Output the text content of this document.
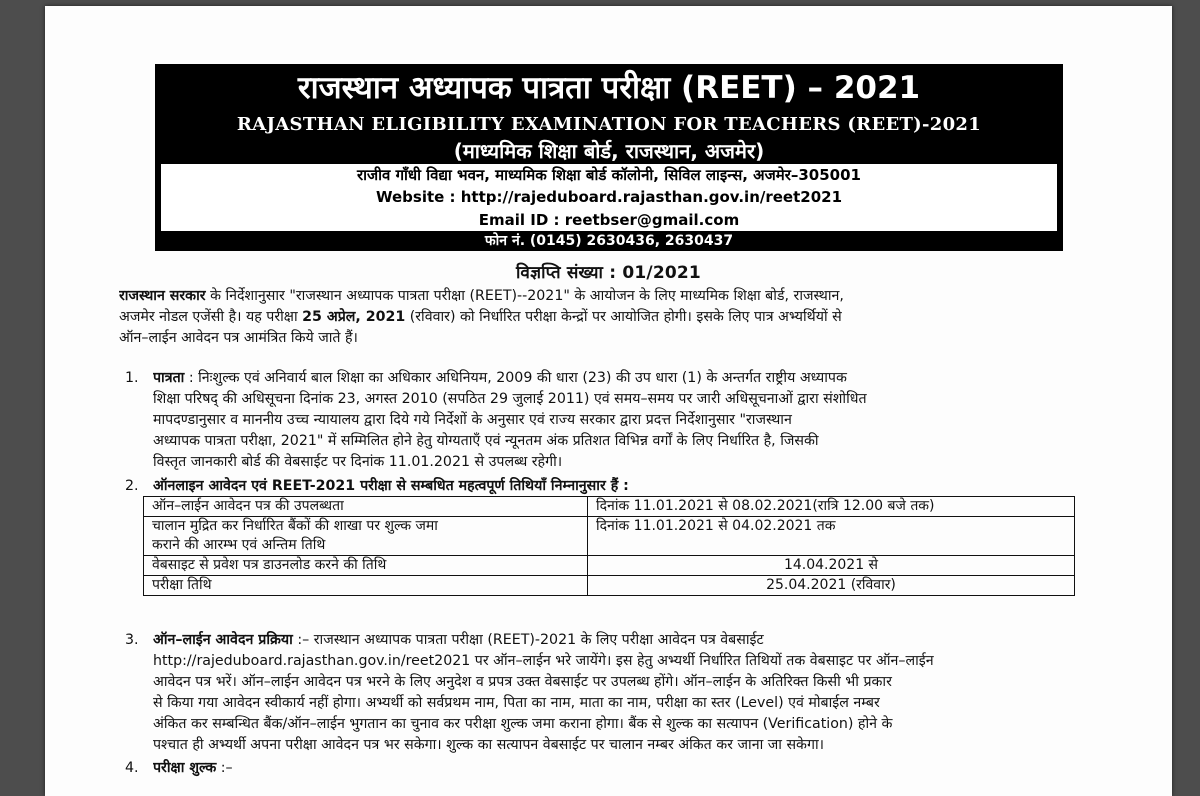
राजस्थान अध्यापक पात्रता परीक्षा (REET) – 2021
RAJASTHAN ELIGIBILITY EXAMINATION FOR TEACHERS (REET)-2021
(माध्यमिक शिक्षा बोर्ड, राजस्थान, अजमेर)
राजीव गाँधी विद्या भवन, माध्यमिक शिक्षा बोर्ड कॉलोनी, सिविल लाइन्स, अजमेर–305001
Website : http://rajeduboard.rajasthan.gov.in/reet2021
Email ID : reetbser@gmail.com
फोन नं. (0145) 2630436, 2630437
विज्ञप्ति संख्या : 01/2021
राजस्थान सरकार के निर्देशानुसार "राजस्थान अध्यापक पात्रता परीक्षा (REET)--2021" के आयोजन के लिए माध्यमिक शिक्षा बोर्ड, राजस्थान,
अजमेर नोडल एजेंसी है। यह परीक्षा 25 अप्रेल, 2021 (रविवार) को निर्धारित परीक्षा केन्द्रों पर आयोजित होगी। इसके लिए पात्र अभ्यर्थियों से
ऑन–लाईन आवेदन पत्र आमंत्रित किये जाते हैं।
1. पात्रता : निःशुल्क एवं अनिवार्य बाल शिक्षा का अधिकार अधिनियम, 2009 की धारा (23) की उप धारा (1) के अन्तर्गत राष्ट्रीय अध्यापक
शिक्षा परिषद् की अधिसूचना दिनांक 23, अगस्त 2010 (सपठित 29 जुलाई 2011) एवं समय–समय पर जारी अधिसूचनाओं द्वारा संशोधित
मापदण्डानुसार व माननीय उच्च न्यायालय द्वारा दिये गये निर्देशों के अनुसार एवं राज्य सरकार द्वारा प्रदत्त निर्देशानुसार "राजस्थान
अध्यापक पात्रता परीक्षा, 2021" में सम्मिलित होने हेतु योग्यताएँ एवं न्यूनतम अंक प्रतिशत विभिन्न वर्गों के लिए निर्धारित है, जिसकी
विस्तृत जानकारी बोर्ड की वेबसाईट पर दिनांक 11.01.2021 से उपलब्ध रहेगी।
2. ऑनलाइन आवेदन एवं REET-2021 परीक्षा से सम्बधित महत्वपूर्ण तिथियाँ निम्नानुसार हैं :
ऑन–लाईन आवेदन पत्र की उपलब्धता	दिनांक 11.01.2021 से 08.02.2021(रात्रि 12.00 बजे तक)
चालान मुद्रित कर निर्धारित बैंकों की शाखा पर शुल्क जमा
कराने की आरम्भ एवं अन्तिम तिथि	दिनांक 11.01.2021 से 04.02.2021 तक
वेबसाइट से प्रवेश पत्र डाउनलोड करने की तिथि	14.04.2021 से
परीक्षा तिथि	25.04.2021 (रविवार)
3. ऑन–लाईन आवेदन प्रक्रिया :– राजस्थान अध्यापक पात्रता परीक्षा (REET)-2021 के लिए परीक्षा आवेदन पत्र वेबसाईट
http://rajeduboard.rajasthan.gov.in/reet2021 पर ऑन–लाईन भरे जायेंगे। इस हेतु अभ्यर्थी निर्धारित तिथियों तक वेबसाइट पर ऑन–लाईन
आवेदन पत्र भरें। ऑन–लाईन आवेदन पत्र भरने के लिए अनुदेश व प्रपत्र उक्त वेबसाईट पर उपलब्ध होंगे। ऑन–लाईन के अतिरिक्त किसी भी प्रकार
से किया गया आवेदन स्वीकार्य नहीं होगा। अभ्यर्थी को सर्वप्रथम नाम, पिता का नाम, माता का नाम, परीक्षा का स्तर (Level) एवं मोबाईल नम्बर
अंकित कर सम्बन्धित बैंक/ऑन–लाईन भुगतान का चुनाव कर परीक्षा शुल्क जमा कराना होगा। बैंक से शुल्क का सत्यापन (Verification) होने के
पश्चात ही अभ्यर्थी अपना परीक्षा आवेदन पत्र भर सकेगा। शुल्क का सत्यापन वेबसाईट पर चालान नम्बर अंकित कर जाना जा सकेगा।
4. परीक्षा शुल्क :–
